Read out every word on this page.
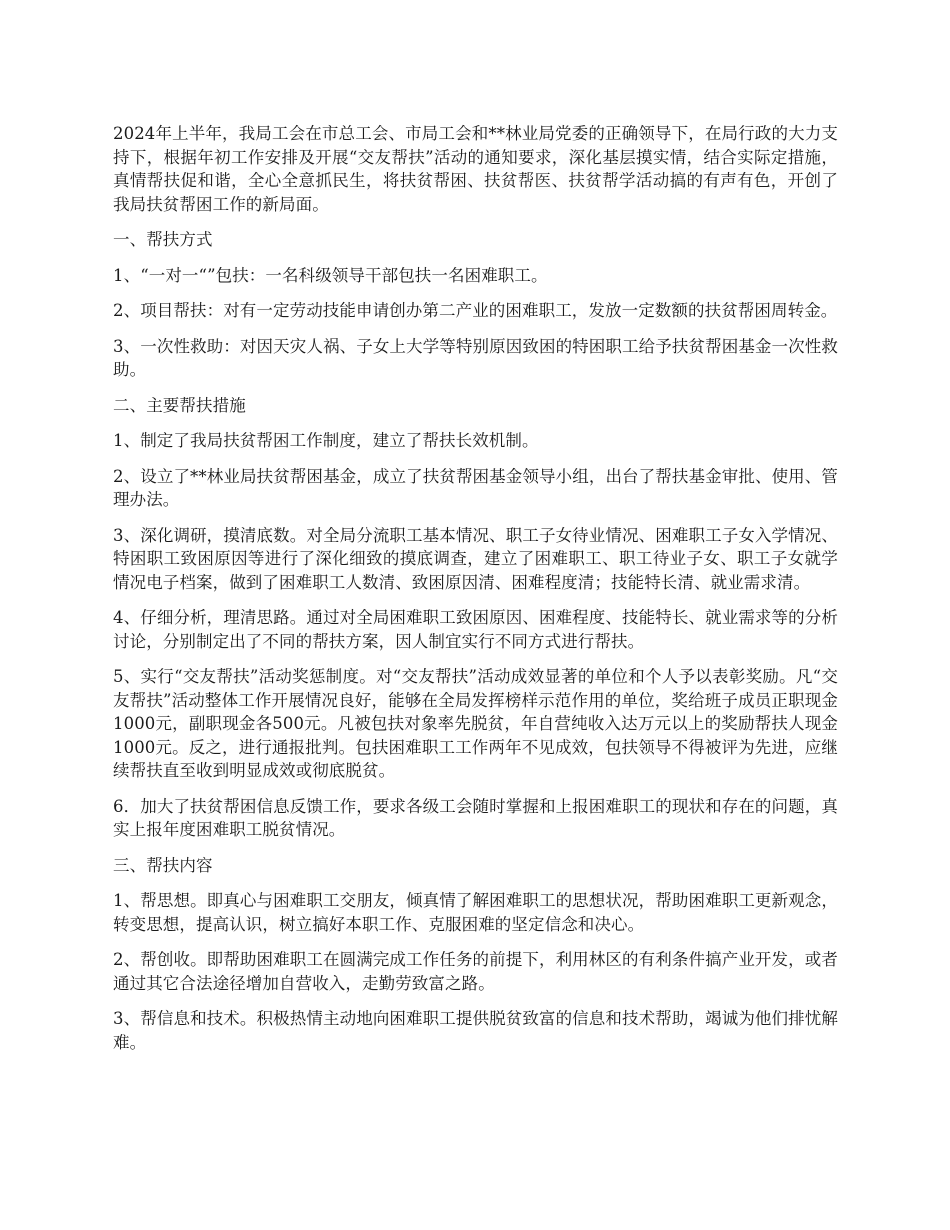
2024年上半年，我局工会在市总工会、市局工会和**林业局党委的正确领导下，在局行政的大力支持下，根据年初工作安排及开展“交友帮扶”活动的通知要求，深化基层摸实情，结合实际定措施，真情帮扶促和谐，全心全意抓民生，将扶贫帮困、扶贫帮医、扶贫帮学活动搞的有声有色，开创了我局扶贫帮困工作的新局面。

一、帮扶方式

1、“一对一“”包扶：一名科级领导干部包扶一名困难职工。

2、项目帮扶：对有一定劳动技能申请创办第二产业的困难职工，发放一定数额的扶贫帮困周转金。

3、一次性救助：对因天灾人祸、子女上大学等特别原因致困的特困职工给予扶贫帮困基金一次性救助。

二、主要帮扶措施

1、制定了我局扶贫帮困工作制度，建立了帮扶长效机制。

2、设立了**林业局扶贫帮困基金，成立了扶贫帮困基金领导小组，出台了帮扶基金审批、使用、管理办法。

3、深化调研，摸清底数。对全局分流职工基本情况、职工子女待业情况、困难职工子女入学情况、特困职工致困原因等进行了深化细致的摸底调查，建立了困难职工、职工待业子女、职工子女就学情况电子档案，做到了困难职工人数清、致困原因清、困难程度清；技能特长清、就业需求清。

4、仔细分析，理清思路。通过对全局困难职工致困原因、困难程度、技能特长、就业需求等的分析讨论，分别制定出了不同的帮扶方案，因人制宜实行不同方式进行帮扶。

5、实行“交友帮扶”活动奖惩制度。对“交友帮扶”活动成效显著的单位和个人予以表彰奖励。凡“交友帮扶”活动整体工作开展情况良好，能够在全局发挥榜样示范作用的单位，奖给班子成员正职现金1000元，副职现金各500元。凡被包扶对象率先脱贫，年自营纯收入达万元以上的奖励帮扶人现金1000元。反之，进行通报批判。包扶困难职工工作两年不见成效，包扶领导不得被评为先进，应继续帮扶直至收到明显成效或彻底脱贫。

6．加大了扶贫帮困信息反馈工作，要求各级工会随时掌握和上报困难职工的现状和存在的问题，真实上报年度困难职工脱贫情况。

三、帮扶内容

1、帮思想。即真心与困难职工交朋友，倾真情了解困难职工的思想状况，帮助困难职工更新观念，转变思想，提高认识，树立搞好本职工作、克服困难的坚定信念和决心。

2、帮创收。即帮助困难职工在圆满完成工作任务的前提下，利用林区的有利条件搞产业开发，或者通过其它合法途径增加自营收入，走勤劳致富之路。

3、帮信息和技术。积极热情主动地向困难职工提供脱贫致富的信息和技术帮助，竭诚为他们排忧解难。
